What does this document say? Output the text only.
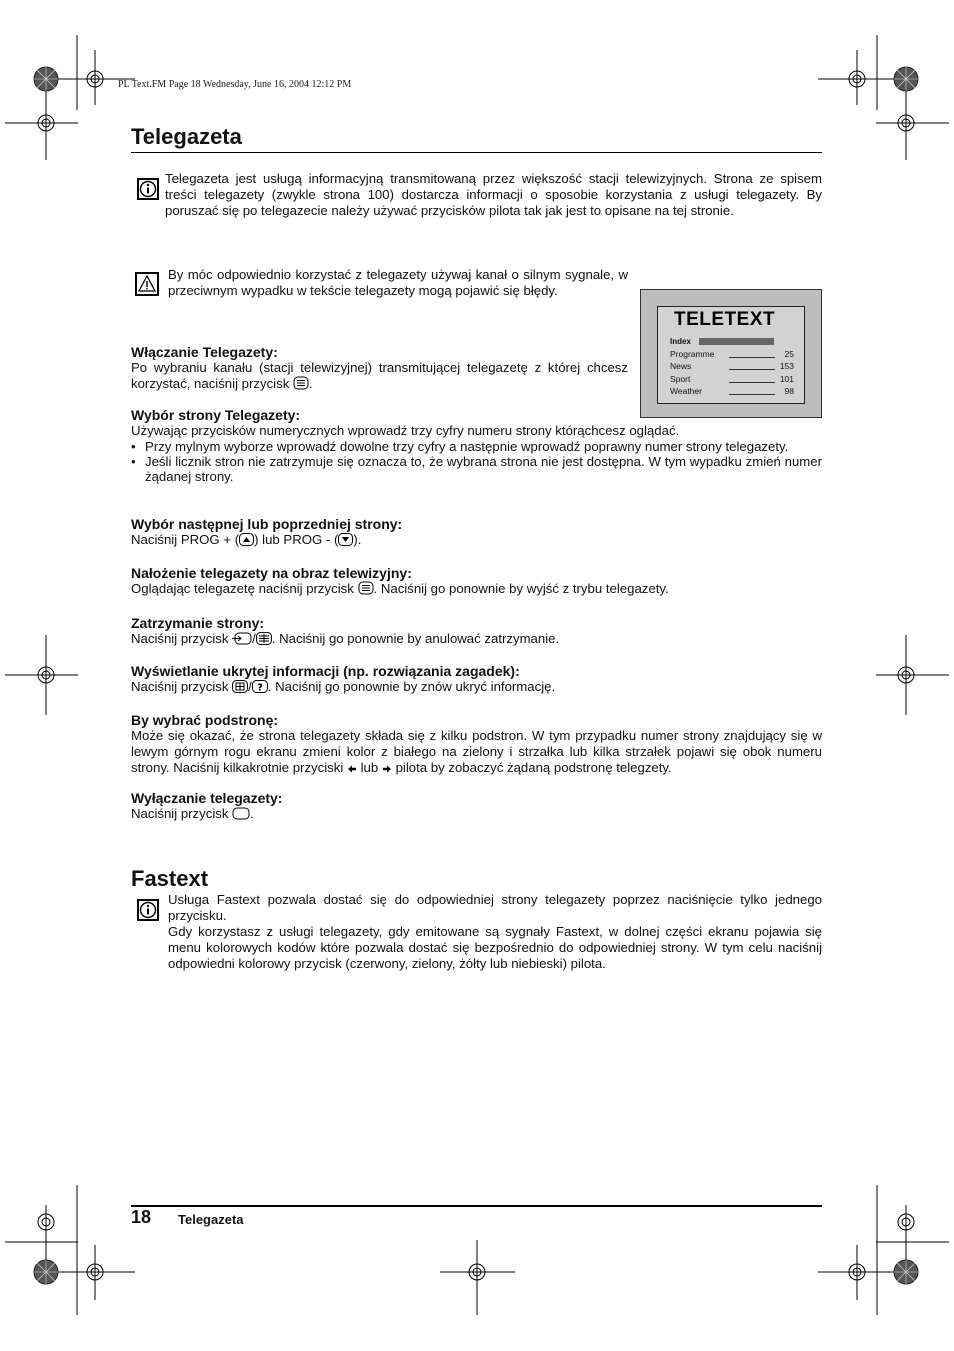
PL Text.FM Page 18 Wednesday, June 16, 2004 12:12 PM
Telegazeta

Telegazeta jest usługą informacyjną transmitowaną przez większość stacji telewizyjnych. Strona ze spisem treści telegazety (zwykle strona 100) dostarcza informacji o sposobie korzystania z usługi telegazety. By poruszać się po telegazecie należy używać przycisków pilota tak jak jest to opisane na tej stronie.

By móc odpowiednio korzystać z telegazety używaj kanał o silnym sygnale, w przeciwnym wypadku w tekście telegazety mogą pojawić się błędy.

TELETEXT
Index
Programme	25
News	153
Sport	101
Weather	98

Włączanie Telegazety:

Po wybraniu kanału (stacji telewizyjnej) transmitującej telegazetę z której chcesz korzystać, naciśnij przycisk .

Wybór strony Telegazety:

Używając przycisków numerycznych wprowadź trzy cyfry numeru strony którąchcesz oglądać.

• Przy mylnym wyborze wprowadź dowolne trzy cyfry a następnie wprowadź poprawny numer strony telegazety.
• Jeśli licznik stron nie zatrzymuje się oznacza to, że wybrana strona nie jest dostępna. W tym wypadku zmień numer żądanej strony.

Wybór następnej lub poprzedniej strony:

Naciśnij PROG + ( ) lub PROG - ( ).

Nałożenie telegazety na obraz telewizyjny:

Oglądając telegazetę naciśnij przycisk . Naciśnij go ponownie by wyjść z trybu telegazety.

Zatrzymanie strony:

Naciśnij przycisk / . Naciśnij go ponownie by anulować zatrzymanie.

Wyświetlanie ukrytej informacji (np. rozwiązania zagadek):

Naciśnij przycisk / ? . Naciśnij go ponownie by znów ukryć informację.

By wybrać podstronę:

Może się okazać, że strona telegazety składa się z kilku podstron. W tym przypadku numer strony znajdujący się w lewym górnym rogu ekranu zmieni kolor z białego na zielony i strzałka lub kilka strzałek pojawi się obok numeru strony. Naciśnij kilkakrotnie przyciski lub pilota by zobaczyć żądaną podstronę telegzety.

Wyłączanie telegazety:

Naciśnij przycisk .

Fastext

Usługa Fastext pozwala dostać się do odpowiedniej strony telegazety poprzez naciśnięcie tylko jednego przycisku.

Gdy korzystasz z usługi telegazety, gdy emitowane są sygnały Fastext, w dolnej części ekranu pojawia się menu kolorowych kodów które pozwala dostać się bezpośrednio do odpowiedniej strony. W tym celu naciśnij odpowiedni kolorowy przycisk (czerwony, zielony, żółty lub niebieski) pilota.

18 Telegazeta
